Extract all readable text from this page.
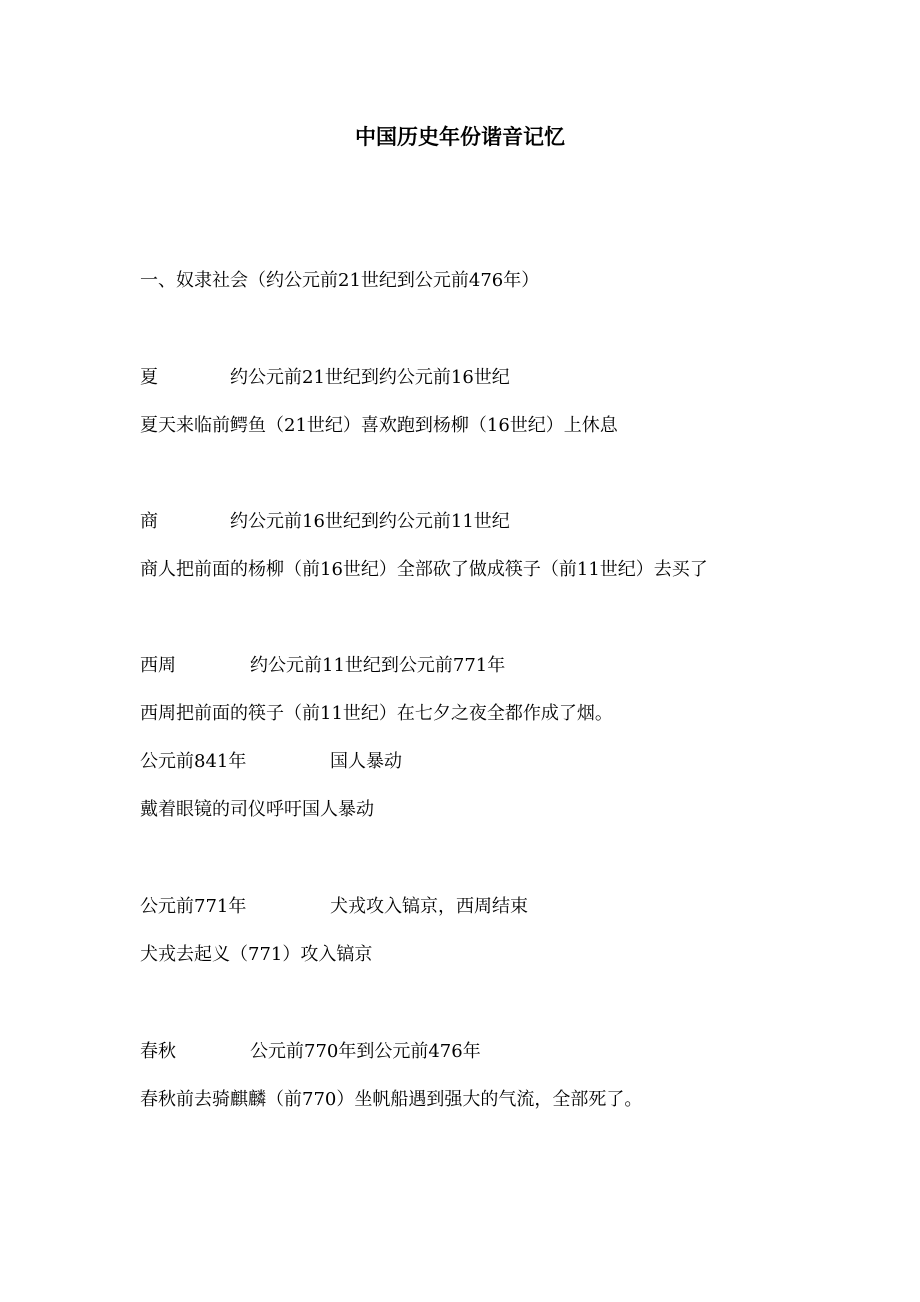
中国历史年份谐音记忆

一、奴隶社会（约公元前21世纪到公元前476年）

夏	约公元前21世纪到约公元前16世纪

夏天来临前鳄鱼（21世纪）喜欢跑到杨柳（16世纪）上休息

商	约公元前16世纪到约公元前11世纪

商人把前面的杨柳（前16世纪）全部砍了做成筷子（前11世纪）去买了

西周	约公元前11世纪到公元前771年

西周把前面的筷子（前11世纪）在七夕之夜全都作成了烟。

公元前841年	国人暴动

戴着眼镜的司仪呼吁国人暴动

公元前771年	犬戎攻入镐京，西周结束

犬戎去起义（771）攻入镐京

春秋	公元前770年到公元前476年

春秋前去骑麒麟（前770）坐帆船遇到强大的气流，全部死了。
